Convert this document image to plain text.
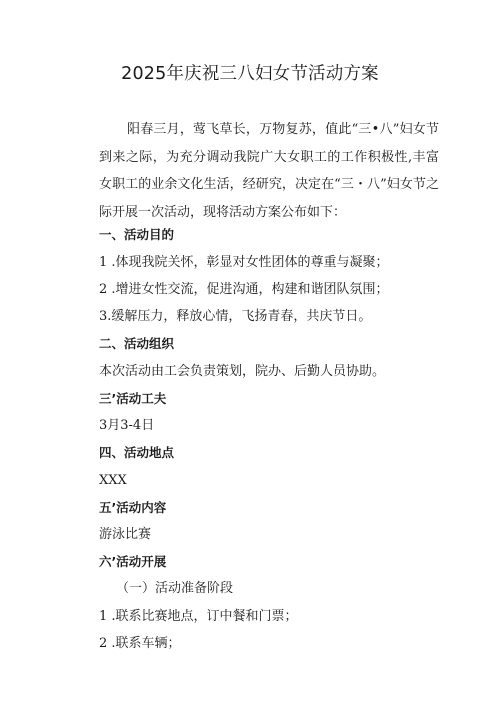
2025年庆祝三八妇女节活动方案

阳春三月，莺飞草长，万物复苏，值此“三•八”妇女节到来之际，为充分调动我院广大女职工的工作积极性,丰富女职工的业余文化生活，经研究，决定在“三・八”妇女节之际开展一次活动，现将活动方案公布如下：

一、活动目的
1 .体现我院关怀，彰显对女性团体的尊重与凝聚；
2 .增进女性交流，促进沟通，构建和谐团队氛围；
3.缓解压力，释放心情，飞扬青春，共庆节日。
二、活动组织
本次活动由工会负责策划，院办、后勤人员协助。
三’活动工夫
3月3-4日
四、活动地点
XXX
五’活动内容
游泳比赛
六’活动开展
（一）活动准备阶段
1 .联系比赛地点，订中餐和门票；
2 .联系车辆；
